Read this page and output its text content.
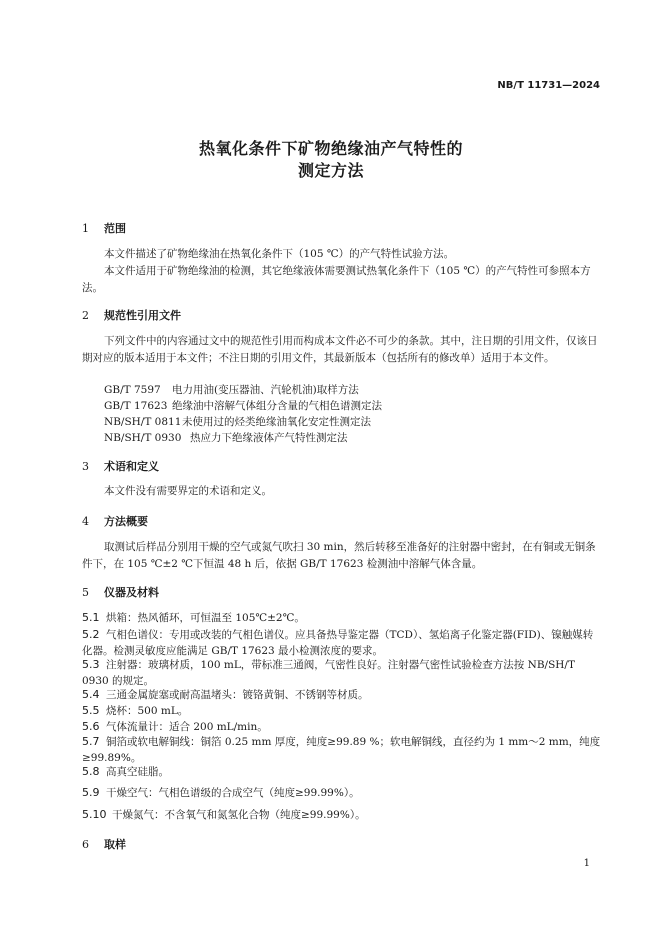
NB/T 11731—2024
热氧化条件下矿物绝缘油产气特性的
测定方法
1 范围
本文件描述了矿物绝缘油在热氧化条件下（105 ℃）的产气特性试验方法。
本文件适用于矿物绝缘油的检测，其它绝缘液体需要测试热氧化条件下（105 ℃）的产气特性可参照本方法。
2 规范性引用文件
下列文件中的内容通过文中的规范性引用而构成本文件必不可少的条款。其中，注日期的引用文件，仅该日期对应的版本适用于本文件；不注日期的引用文件，其最新版本（包括所有的修改单）适用于本文件。
GB/T 7597 电力用油(变压器油、汽轮机油)取样方法
GB/T 17623 绝缘油中溶解气体组分含量的气相色谱测定法
NB/SH/T 0811未使用过的烃类绝缘油氧化安定性测定法
NB/SH/T 0930 热应力下绝缘液体产气特性测定法
3 术语和定义
本文件没有需要界定的术语和定义。
4 方法概要
取测试后样品分别用干燥的空气或氮气吹扫 30 min，然后转移至准备好的注射器中密封，在有铜或无铜条件下，在 105 ℃±2 ℃下恒温 48 h 后，依据 GB/T 17623 检测油中溶解气体含量。
5 仪器及材料
5.1 烘箱：热风循环，可恒温至 105℃±2℃。
5.2 气相色谱仪：专用或改装的气相色谱仪。应具备热导鉴定器（TCD）、氢焰离子化鉴定器(FID)、镍触媒转化器。检测灵敏度应能满足 GB/T 17623 最小检测浓度的要求。
5.3 注射器：玻璃材质，100 mL，带标准三通阀，气密性良好。注射器气密性试验检查方法按 NB/SH/T 0930 的规定。
5.4 三通金属旋塞或耐高温堵头：镀铬黄铜、不锈钢等材质。
5.5 烧杯：500 mL。
5.6 气体流量计：适合 200 mL/min。
5.7 铜箔或软电解铜线：铜箔 0.25 mm 厚度，纯度≥99.89 %；软电解铜线，直径约为 1 mm～2 mm，纯度≥99.89%。
5.8 高真空硅脂。
5.9 干燥空气：气相色谱级的合成空气（纯度≥99.99%）。
5.10 干燥氮气：不含氧气和氮氢化合物（纯度≥99.99%）。
6 取样
1
